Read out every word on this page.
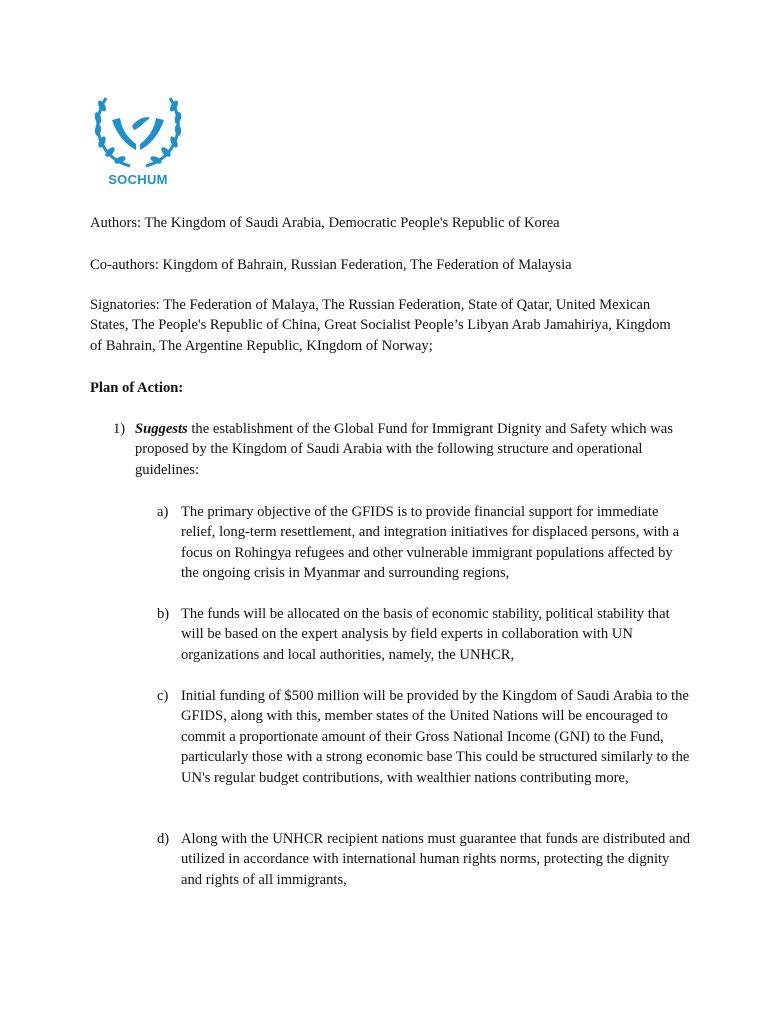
SOCHUM

Authors: The Kingdom of Saudi Arabia, Democratic People's Republic of Korea

Co-authors: Kingdom of Bahrain, Russian Federation, The Federation of Malaysia

Signatories: The Federation of Malaya, The Russian Federation, State of Qatar, United Mexican States, The People's Republic of China, Great Socialist People’s Libyan Arab Jamahiriya, Kingdom of Bahrain, The Argentine Republic, KIngdom of Norway;

Plan of Action:

1) Suggests the establishment of the Global Fund for Immigrant Dignity and Safety which was proposed by the Kingdom of Saudi Arabia with the following structure and operational guidelines:
a) The primary objective of the GFIDS is to provide financial support for immediate relief, long-term resettlement, and integration initiatives for displaced persons, with a focus on Rohingya refugees and other vulnerable immigrant populations affected by the ongoing crisis in Myanmar and surrounding regions,
b) The funds will be allocated on the basis of economic stability, political stability that will be based on the expert analysis by field experts in collaboration with UN organizations and local authorities, namely, the UNHCR,
c) Initial funding of $500 million will be provided by the Kingdom of Saudi Arabia to the GFIDS, along with this, member states of the United Nations will be encouraged to commit a proportionate amount of their Gross National Income (GNI) to the Fund, particularly those with a strong economic base This could be structured similarly to the UN's regular budget contributions, with wealthier nations contributing more,
d) Along with the UNHCR recipient nations must guarantee that funds are distributed and utilized in accordance with international human rights norms, protecting the dignity and rights of all immigrants,
